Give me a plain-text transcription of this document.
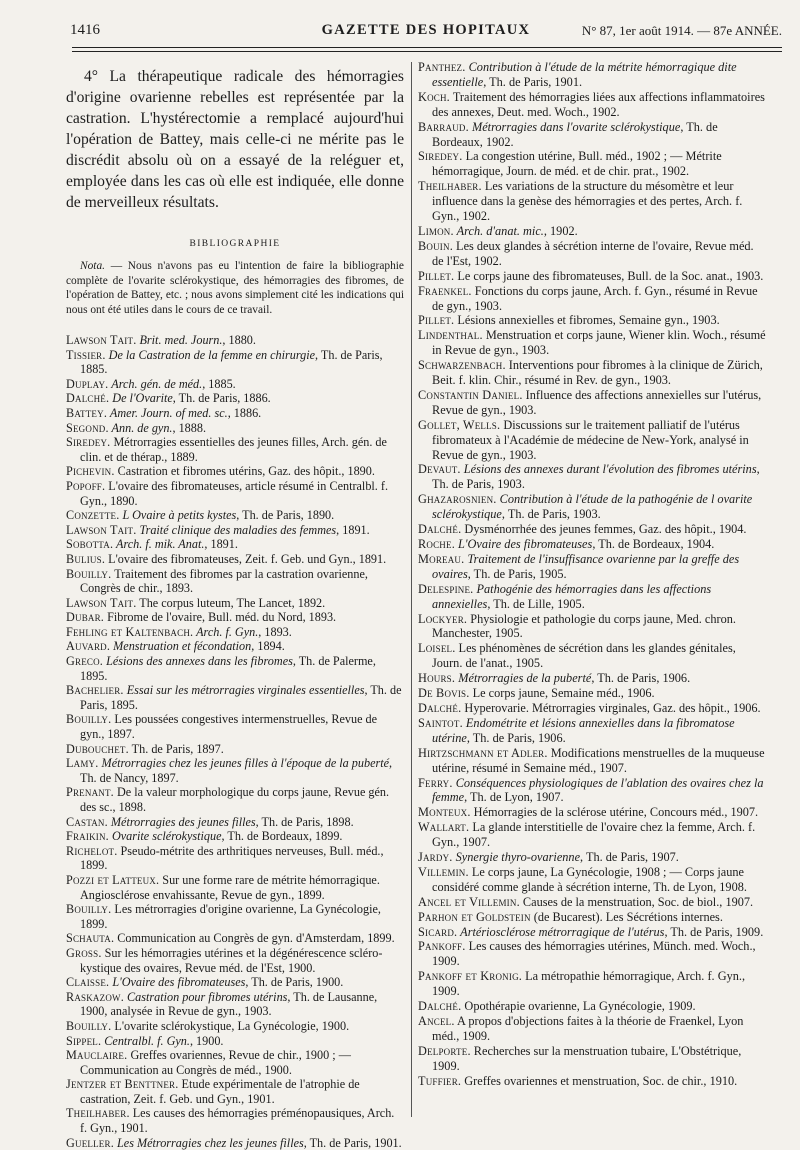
1416	GAZETTE DES HOPITAUX	N° 87, 1er août 1914. — 87e ANNÉE.

4° La thérapeutique radicale des hémorragies d'origine ovarienne rebelles est représentée par la castration. L'hystérectomie a remplacé aujourd'hui l'opération de Battey, mais celle-ci ne mérite pas le discrédit absolu où on a essayé de la reléguer et, employée dans les cas où elle est indiquée, elle donne de merveilleux résultats.

BIBLIOGRAPHIE

Nota. — Nous n'avons pas eu l'intention de faire la bibliographie complète de l'ovarite sclérokystique, des hémorragies des fibromes, de l'opération de Battey, etc. ; nous avons simplement cité les indications qui nous ont été utiles dans le cours de ce travail.

Lawson Tait. Brit. med. Journ., 1880.
Tissier. De la Castration de la femme en chirurgie, Th. de Paris, 1885.
Duplay. Arch. gén. de méd., 1885.
Dalché. De l'Ovarite, Th. de Paris, 1886.
Battey. Amer. Journ. of med. sc., 1886.
Segond. Ann. de gyn., 1888.
Siredey. Métrorragies essentielles des jeunes filles, Arch. gén. de clin. et de thérap., 1889.
Pichevin. Castration et fibromes utérins, Gaz. des hôpit., 1890.
Popoff. L'ovaire des fibromateuses, article résumé in Centralbl. f. Gyn., 1890.
Conzette. L Ovaire à petits kystes, Th. de Paris, 1890.
Lawson Tait. Traité clinique des maladies des femmes, 1891.
Sobotta. Arch. f. mik. Anat., 1891.
Bulius. L'ovaire des fibromateuses, Zeit. f. Geb. und Gyn., 1891.
Bouilly. Traitement des fibromes par la castration ovarienne, Congrès de chir., 1893.
Lawson Tait. The corpus luteum, The Lancet, 1892.
Dubar. Fibrome de l'ovaire, Bull. méd. du Nord, 1893.
Fehling et Kaltenbach. Arch. f. Gyn., 1893.
Auvard. Menstruation et fécondation, 1894.
Greco. Lésions des annexes dans les fibromes, Th. de Palerme, 1895.
Bachelier. Essai sur les métrorragies virginales essentielles, Th. de Paris, 1895.
Bouilly. Les poussées congestives intermenstruelles, Revue de gyn., 1897.
Dubouchet. Th. de Paris, 1897.
Lamy. Métrorragies chez les jeunes filles à l'époque de la puberté, Th. de Nancy, 1897.
Prenant. De la valeur morphologique du corps jaune, Revue gén. des sc., 1898.
Castan. Métrorragies des jeunes filles, Th. de Paris, 1898.
Fraikin. Ovarite sclérokystique, Th. de Bordeaux, 1899.
Richelot. Pseudo-métrite des arthritiques nerveuses, Bull. méd., 1899.
Pozzi et Latteux. Sur une forme rare de métrite hémorragique. Angiosclérose envahissante, Revue de gyn., 1899.
Bouilly. Les métrorragies d'origine ovarienne, La Gynécologie, 1899.
Schauta. Communication au Congrès de gyn. d'Amsterdam, 1899.
Gross. Sur les hémorragies utérines et la dégénérescence sclérokystique des ovaires, Revue méd. de l'Est, 1900.
Claisse. L'Ovaire des fibromateuses, Th. de Paris, 1900.
Raskazow. Castration pour fibromes utérins, Th. de Lausanne, 1900, analysée in Revue de gyn., 1903.
Bouilly. L'ovarite sclérokystique, La Gynécologie, 1900.
Sippel. Centralbl. f. Gyn., 1900.
Mauclaire. Greffes ovariennes, Revue de chir., 1900 ; — Communication au Congrès de méd., 1900.
Jentzer et Benttner. Etude expérimentale de l'atrophie de castration, Zeit. f. Geb. und Gyn., 1901.
Theilhaber. Les causes des hémorragies préménopausiques, Arch. f. Gyn., 1901.
Gueller. Les Métrorragies chez les jeunes filles, Th. de Paris, 1901.
Panthez. Contribution à l'étude de la métrite hémorragique dite essentielle, Th. de Paris, 1901.
Koch. Traitement des hémorragies liées aux affections inflammatoires des annexes, Deut. med. Woch., 1902.
Barraud. Métrorragies dans l'ovarite sclérokystique, Th. de Bordeaux, 1902.
Siredey. La congestion utérine, Bull. méd., 1902 ; — Métrite hémorragique, Journ. de méd. et de chir. prat., 1902.
Theilhaber. Les variations de la structure du mésomètre et leur influence dans la genèse des hémorragies et des pertes, Arch. f. Gyn., 1902.
Limon. Arch. d'anat. mic., 1902.
Bouin. Les deux glandes à sécrétion interne de l'ovaire, Revue méd. de l'Est, 1902.
Pillet. Le corps jaune des fibromateuses, Bull. de la Soc. anat., 1903.
Fraenkel. Fonctions du corps jaune, Arch. f. Gyn., résumé in Revue de gyn., 1903.
Pillet. Lésions annexielles et fibromes, Semaine gyn., 1903.
Lindenthal. Menstruation et corps jaune, Wiener klin. Woch., résumé in Revue de gyn., 1903.
Schwarzenbach. Interventions pour fibromes à la clinique de Zürich, Beit. f. klin. Chir., résumé in Rev. de gyn., 1903.
Constantin Daniel. Influence des affections annexielles sur l'utérus, Revue de gyn., 1903.
Gollet, Wells. Discussions sur le traitement palliatif de l'utérus fibromateux à l'Académie de médecine de New-York, analysé in Revue de gyn., 1903.
Devaut. Lésions des annexes durant l'évolution des fibromes utérins, Th. de Paris, 1903.
Ghazarosnien. Contribution à l'étude de la pathogénie de l ovarite sclérokystique, Th. de Paris, 1903.
Dalché. Dysménorrhée des jeunes femmes, Gaz. des hôpit., 1904.
Roche. L'Ovaire des fibromateuses, Th. de Bordeaux, 1904.
Moreau. Traitement de l'insuffisance ovarienne par la greffe des ovaires, Th. de Paris, 1905.
Delespine. Pathogénie des hémorragies dans les affections annexielles, Th. de Lille, 1905.
Lockyer. Physiologie et pathologie du corps jaune, Med. chron. Manchester, 1905.
Loisel. Les phénomènes de sécrétion dans les glandes génitales, Journ. de l'anat., 1905.
Hours. Métrorragies de la puberté, Th. de Paris, 1906.
De Bovis. Le corps jaune, Semaine méd., 1906.
Dalché. Hyperovarie. Métrorragies virginales, Gaz. des hôpit., 1906.
Saintot. Endométrite et lésions annexielles dans la fibromatose utérine, Th. de Paris, 1906.
Hirtzschmann et Adler. Modifications menstruelles de la muqueuse utérine, résumé in Semaine méd., 1907.
Ferry. Conséquences physiologiques de l'ablation des ovaires chez la femme, Th. de Lyon, 1907.
Monteux. Hémorragies de la sclérose utérine, Concours méd., 1907.
Wallart. La glande interstitielle de l'ovaire chez la femme, Arch. f. Gyn., 1907.
Jardy. Synergie thyro-ovarienne, Th. de Paris, 1907.
Villemin. Le corps jaune, La Gynécologie, 1908 ; — Corps jaune considéré comme glande à sécrétion interne, Th. de Lyon, 1908.
Ancel et Villemin. Causes de la menstruation, Soc. de biol., 1907.
Parhon et Goldstein (de Bucarest). Les Sécrétions internes.
Sicard. Artériosclérose métrorragique de l'utérus, Th. de Paris, 1909.
Pankoff. Les causes des hémorragies utérines, Münch. med. Woch., 1909.
Pankoff et Kronig. La métropathie hémorragique, Arch. f. Gyn., 1909.
Dalché. Opothérapie ovarienne, La Gynécologie, 1909.
Ancel. A propos d'objections faites à la théorie de Fraenkel, Lyon méd., 1909.
Delporte. Recherches sur la menstruation tubaire, L'Obstétrique, 1909.
Tuffier. Greffes ovariennes et menstruation, Soc. de chir., 1910.
